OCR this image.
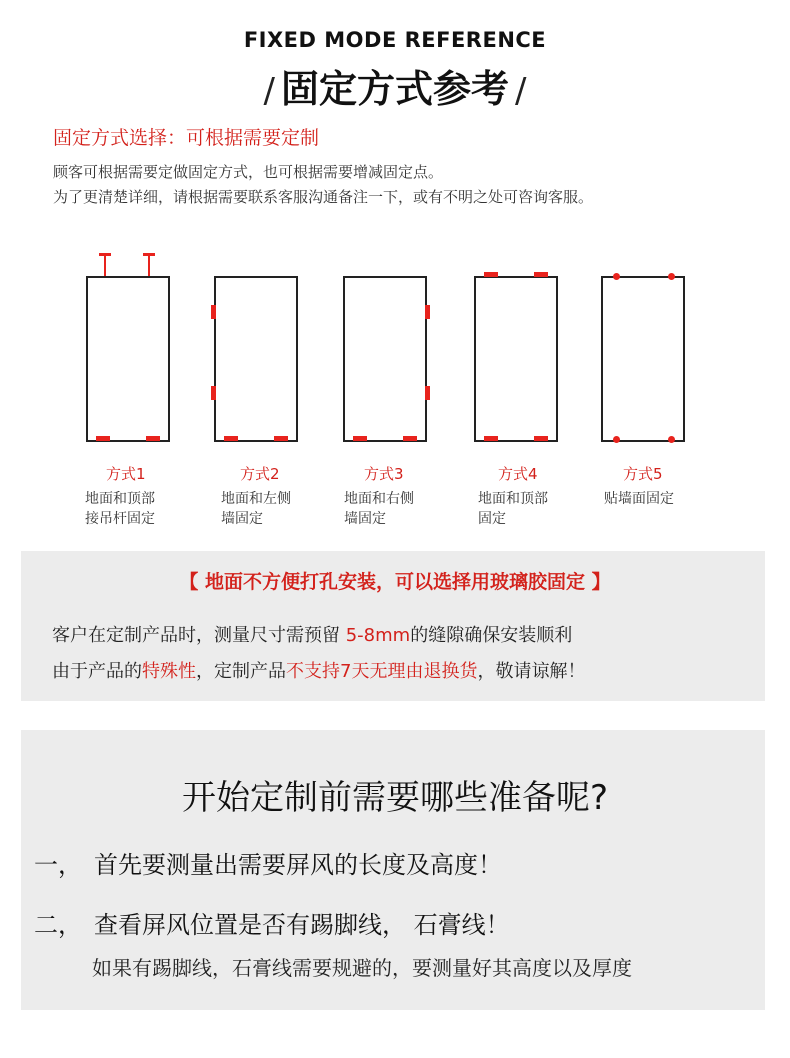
FIXED MODE REFERENCE
/ 固定方式参考 /
固定方式选择：可根据需要定制
顾客可根据需要定做固定方式，也可根据需要增减固定点。
为了更清楚详细，请根据需要联系客服沟通备注一下，或有不明之处可咨询客服。
方式1
地面和顶部
接吊杆固定
方式2
地面和左侧
墙固定
方式3
地面和右侧
墙固定
方式4
地面和顶部
固定
方式5
贴墙面固定
【 地面不方便打孔安装，可以选择用玻璃胶固定 】
客户在定制产品时，测量尺寸需预留 5-8mm的缝隙确保安装顺利
由于产品的特殊性，定制产品不支持7天无理由退换货，敬请谅解！
开始定制前需要哪些准备呢?
一， 首先要测量出需要屏风的长度及高度！
二， 查看屏风位置是否有踢脚线， 石膏线！
如果有踢脚线，石膏线需要规避的，要测量好其高度以及厚度
